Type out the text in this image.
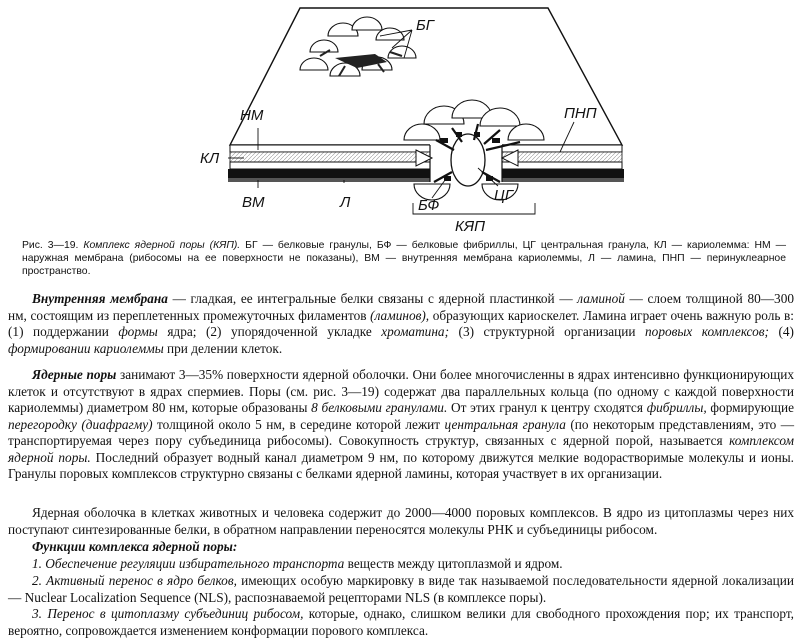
БГ
НМ	ПНП
КЛ
ВМ	Л	БФ
ЦГ
КЯП
Рис. 3—19. Комплекс ядерной поры (КЯП). БГ — белковые гранулы, БФ — белковые фибриллы, ЦГ центральная гранула, КЛ — кариолемма: НМ — наружная мембрана (рибосомы на ее поверхности не показаны), ВМ — внутренняя мембрана кариолеммы, Л — ламина, ПНП — перинуклеарное пространство.

Внутренняя мембрана — гладкая, ее интегральные белки связаны с ядерной пластинкой — ламиной — слоем толщиной 80—300 нм, состоящим из переплетенных промежуточных филаментов (ламинов), образующих кариоскелет. Ламина играет очень важную роль в: (1) поддержании формы ядра; (2) упорядоченной укладке хроматина; (3) структурной организации поровых комплексов; (4) формировании кариолеммы при делении клеток.

Ядерные поры занимают 3—35% поверхности ядерной оболочки. Они более многочисленны в ядрах интенсивно функционирующих клеток и отсутствуют в ядрах спермиев. Поры (см. рис. 3—19) содержат два параллельных кольца (по одному с каждой поверхности кариолеммы) диаметром 80 нм, которые образованы 8 белковыми гранулами. От этих гранул к центру сходятся фибриллы, формирующие перегородку (диафрагму) толщиной около 5 нм, в середине которой лежит центральная гранула (по некоторым представлениям, это — транспортируемая через пору субъединица рибосомы). Совокупность структур, связанных с ядерной порой, называется комплексом ядерной поры. Последний образует водный канал диаметром 9 нм, по которому движутся мелкие водорастворимые молекулы и ионы. Гранулы поровых комплексов структурно связаны с белками ядерной ламины, которая участвует в их организации.

Ядерная оболочка в клетках животных и человека содержит до 2000—4000 поровых комплексов. В ядро из цитоплазмы через них поступают синтезированные белки, в обратном направлении переносятся молекулы РНК и субъединицы рибосом.

Функции комплекса ядерной поры:

1. Обеспечение регуляции избирательного транспорта веществ между цитоплазмой и ядром.

2. Активный перенос в ядро белков, имеющих особую маркировку в виде так называемой последовательности ядерной локализации — Nuclear Localization Sequence (NLS), распознаваемой рецепторами NLS (в комплексе поры).

3. Перенос в цитоплазму субъединиц рибосом, которые, однако, слишком велики для свободного прохождения пор; их транспорт, вероятно, сопровождается изменением конформации порового комплекса.
